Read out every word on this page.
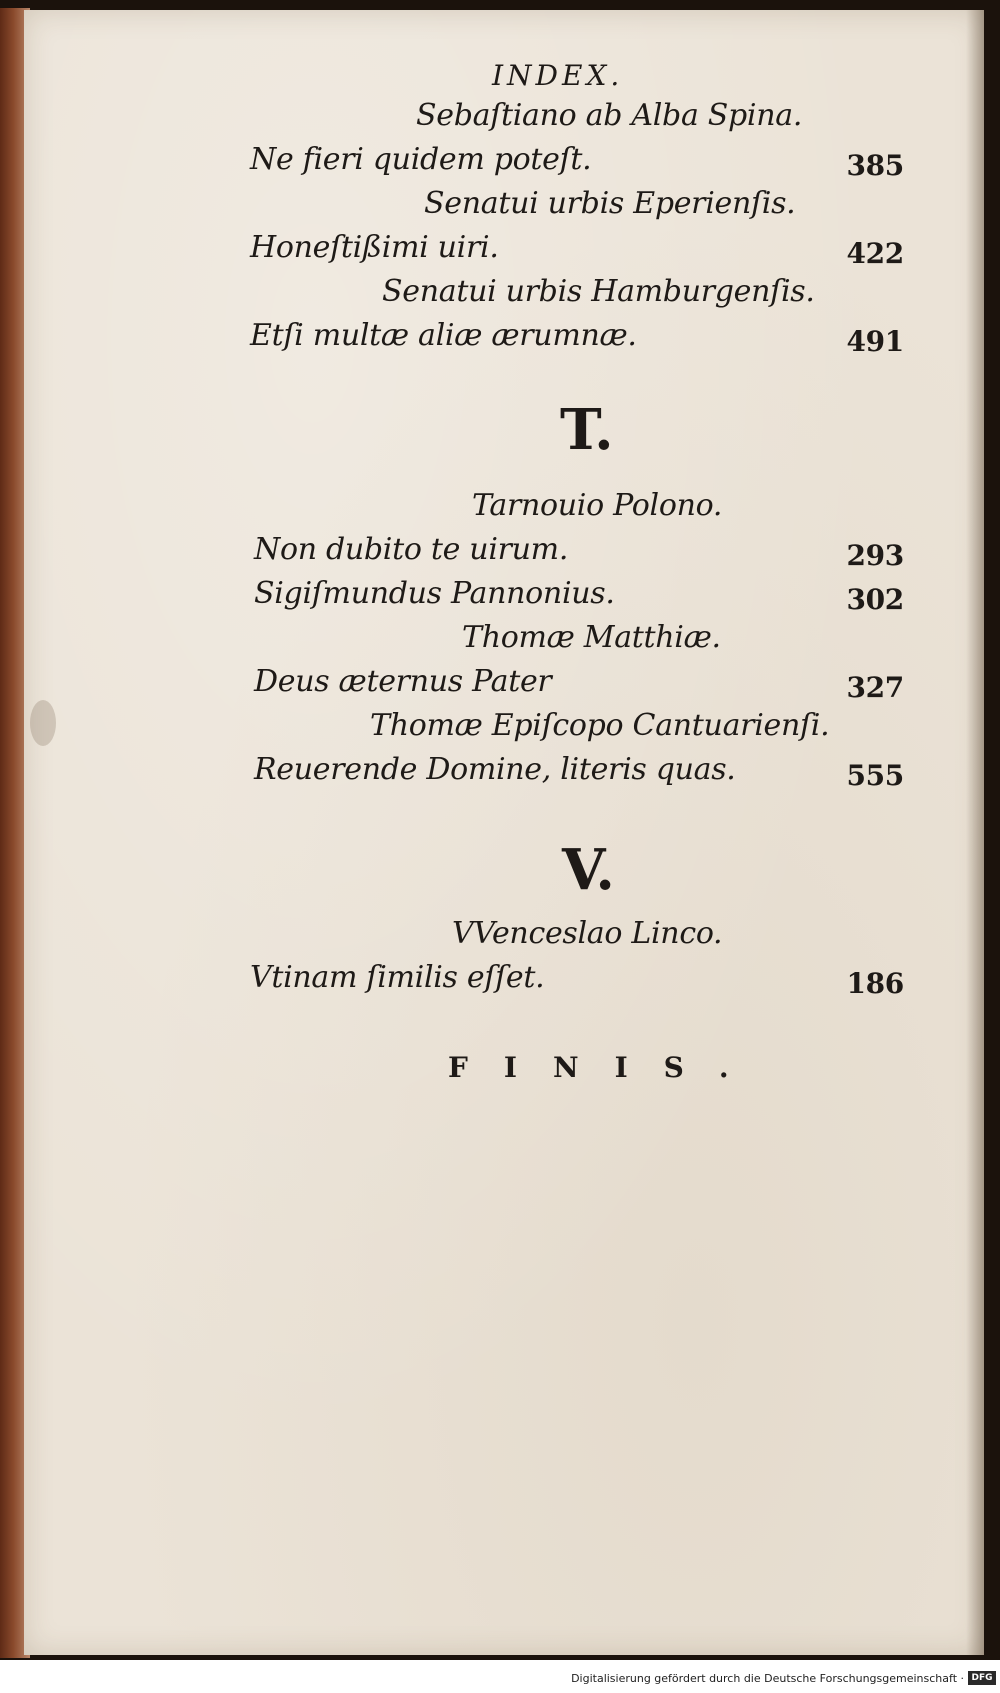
INDEX.
Sebaſtiano ab Alba Spina.
Ne fieri quidem poteſt.	385
Senatui urbis Eperienſis.
Honeſtißimi uiri.	422
Senatui urbis Hamburgenſis.
Etſi multæ aliæ ærumnæ.	491
T.
Tarnouio Polono.
Non dubito te uirum.	293
Sigiſmundus Pannonius.	302
Thomæ Matthiæ.
Deus æternus Pater	327
Thomæ Epiſcopo Cantuarienſi.
Reuerende Domine, literis quas.	555
V.
VVenceslao Linco.
Vtinam ſimilis eſſet.	186
FINIS.
Digitalisierung gefördert durch die Deutsche Forschungsgemeinschaft · DFG
